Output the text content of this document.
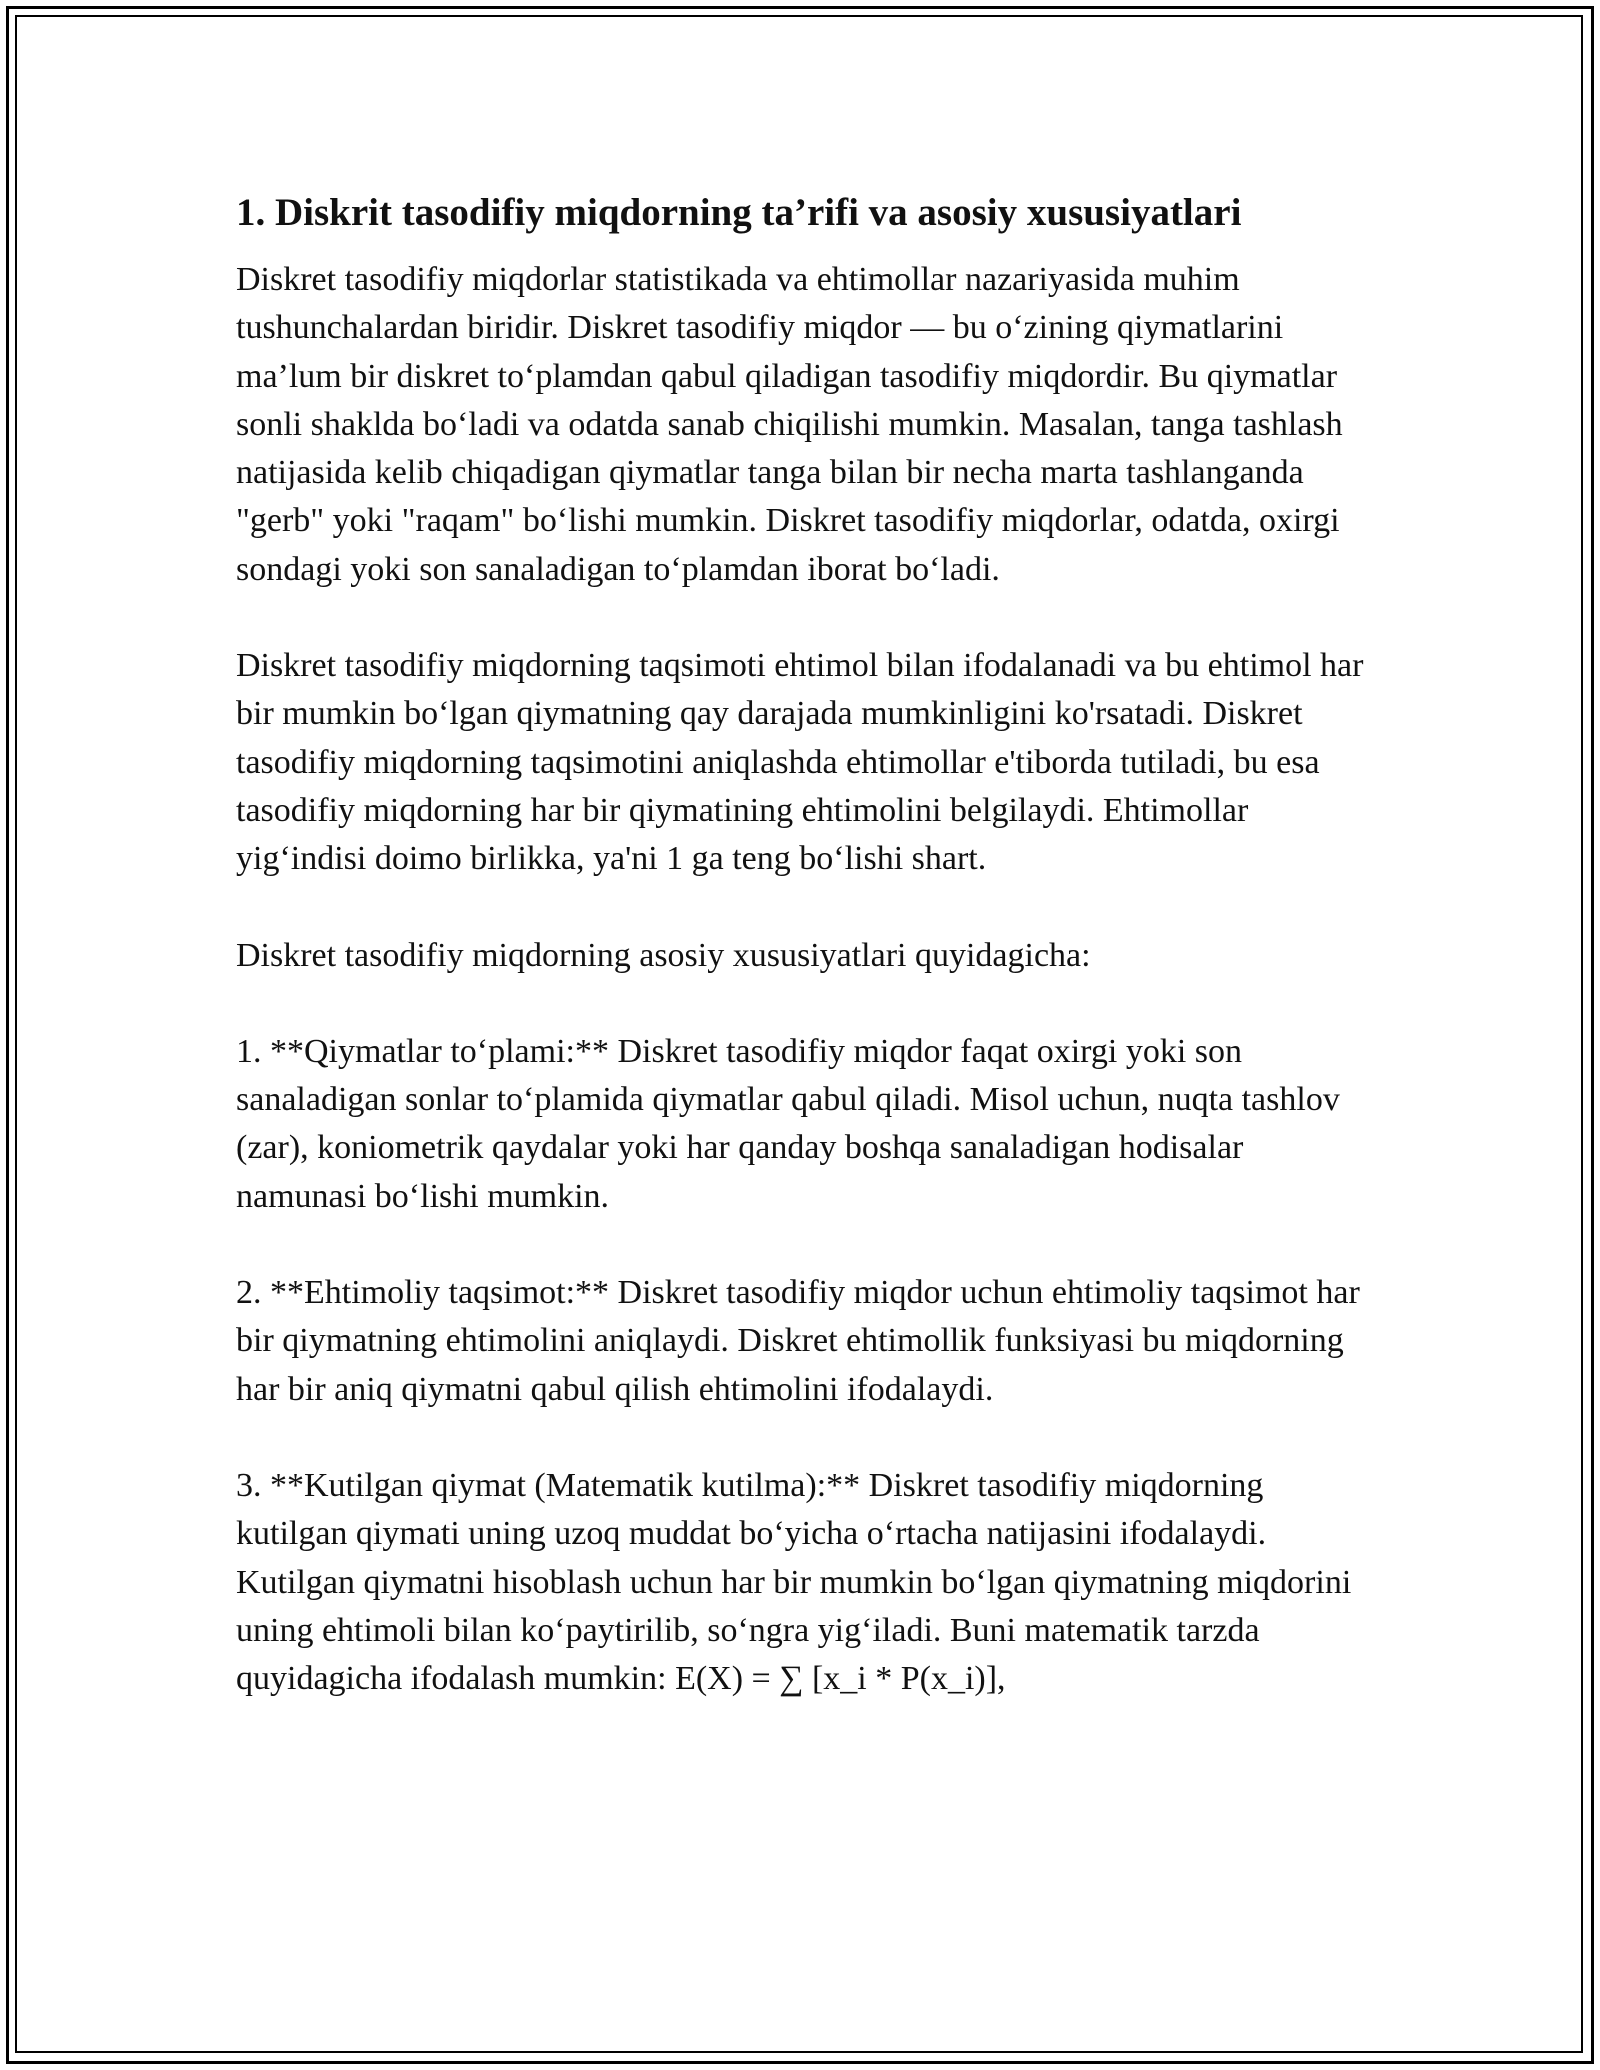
1. Diskrit tasodifiy miqdorning ta’rifi va asosiy xususiyatlari

Diskret tasodifiy miqdorlar statistikada va ehtimollar nazariyasida muhim tushunchalardan biridir. Diskret tasodifiy miqdor — bu o‘zining qiymatlarini ma’lum bir diskret to‘plamdan qabul qiladigan tasodifiy miqdordir. Bu qiymatlar sonli shaklda bo‘ladi va odatda sanab chiqilishi mumkin. Masalan, tanga tashlash natijasida kelib chiqadigan qiymatlar tanga bilan bir necha marta tashlanganda "gerb" yoki "raqam" bo‘lishi mumkin. Diskret tasodifiy miqdorlar, odatda, oxirgi sondagi yoki son sanaladigan to‘plamdan iborat bo‘ladi.

Diskret tasodifiy miqdorning taqsimoti ehtimol bilan ifodalanadi va bu ehtimol har bir mumkin bo‘lgan qiymatning qay darajada mumkinligini ko'rsatadi. Diskret tasodifiy miqdorning taqsimotini aniqlashda ehtimollar e'tiborda tutiladi, bu esa tasodifiy miqdorning har bir qiymatining ehtimolini belgilaydi. Ehtimollar yig‘indisi doimo birlikka, ya'ni 1 ga teng bo‘lishi shart.

Diskret tasodifiy miqdorning asosiy xususiyatlari quyidagicha:

1. **Qiymatlar to‘plami:** Diskret tasodifiy miqdor faqat oxirgi yoki son sanaladigan sonlar to‘plamida qiymatlar qabul qiladi. Misol uchun, nuqta tashlov (zar), koniometrik qaydalar yoki har qanday boshqa sanaladigan hodisalar namunasi bo‘lishi mumkin.

2. **Ehtimoliy taqsimot:** Diskret tasodifiy miqdor uchun ehtimoliy taqsimot har bir qiymatning ehtimolini aniqlaydi. Diskret ehtimollik funksiyasi bu miqdorning har bir aniq qiymatni qabul qilish ehtimolini ifodalaydi.

3. **Kutilgan qiymat (Matematik kutilma):** Diskret tasodifiy miqdorning kutilgan qiymati uning uzoq muddat bo‘yicha o‘rtacha natijasini ifodalaydi. Kutilgan qiymatni hisoblash uchun har bir mumkin bo‘lgan qiymatning miqdorini uning ehtimoli bilan ko‘paytirilib, so‘ngra yig‘iladi. Buni matematik tarzda quyidagicha ifodalash mumkin: E(X) = ∑ [x_i * P(x_i)],
